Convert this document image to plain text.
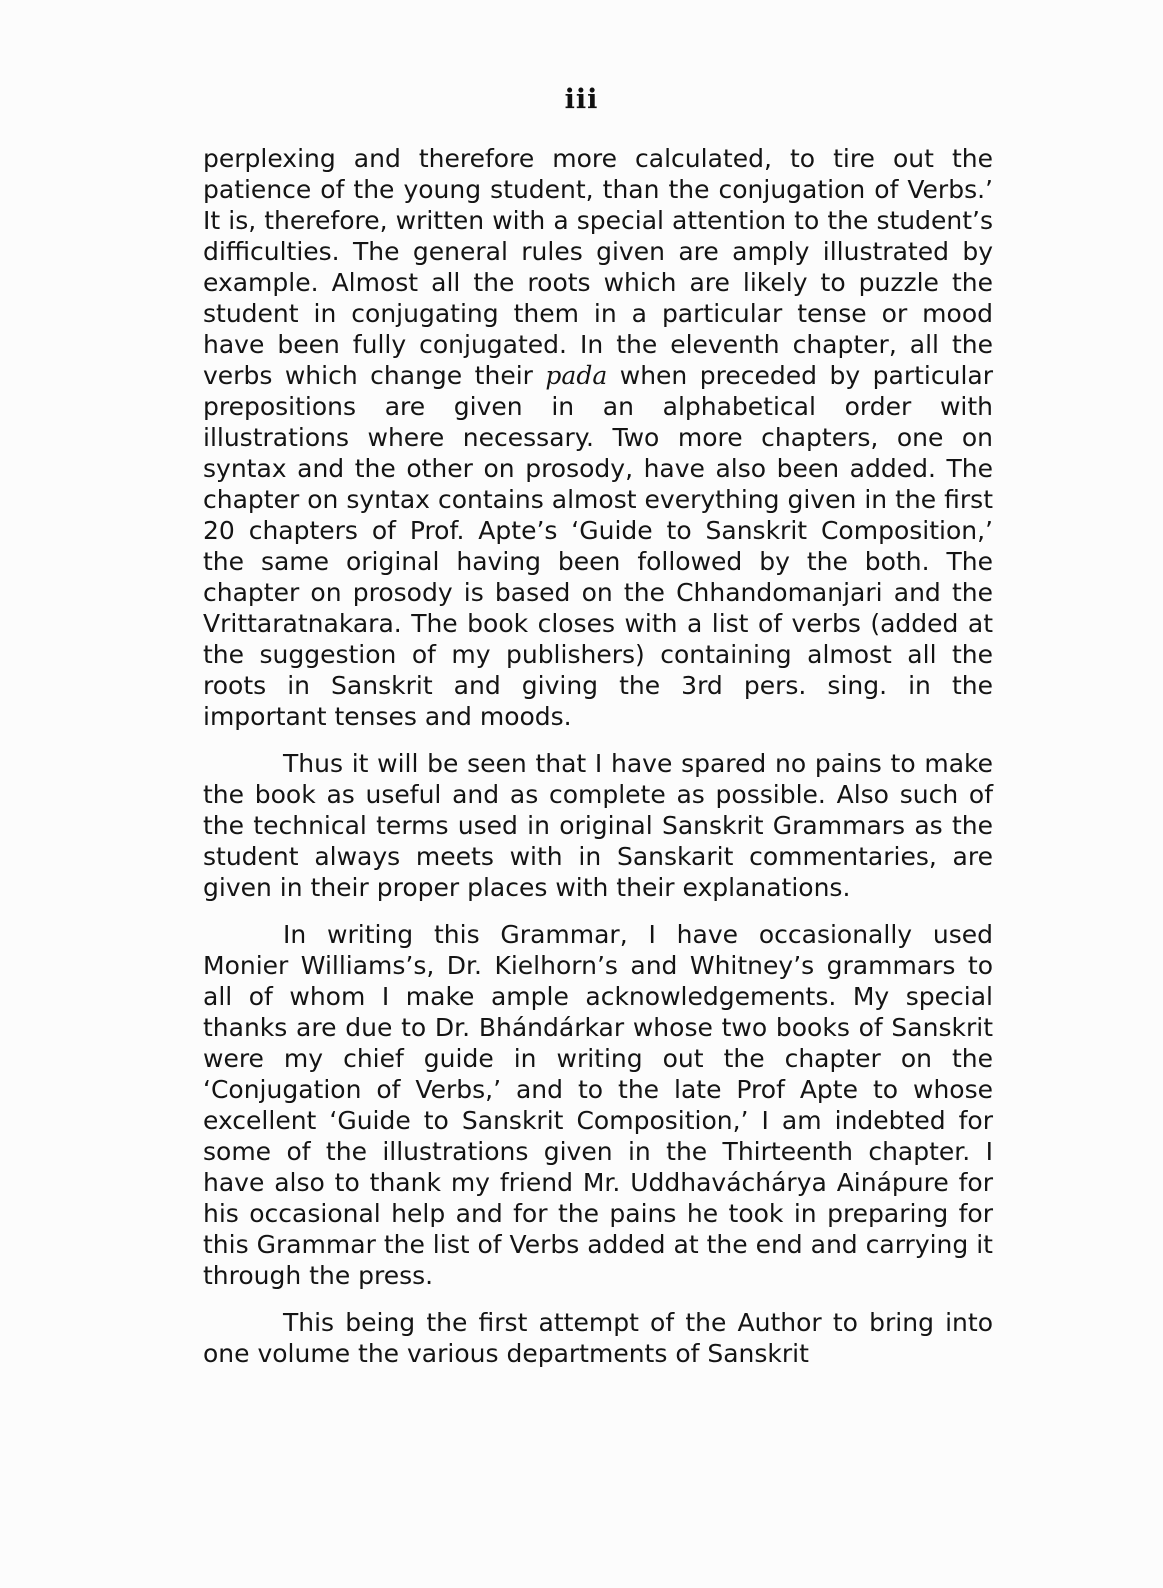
iii

perplexing and therefore more calculated, to tire out the patience of the young student, than the conjugation of Verbs.’ It is, therefore, written with a special attention to the student’s difficulties. The general rules given are amply illustrated by example. Almost all the roots which are likely to puzzle the student in conjugating them in a particular tense or mood have been fully conjugated. In the eleventh chapter, all the verbs which change their pada when preceded by particular prepositions are given in an alphabetical order with illustrations where necessary. Two more chapters, one on syntax and the other on prosody, have also been added. The chapter on syntax contains almost everything given in the first 20 chapters of Prof. Apte’s ‘Guide to Sanskrit Composition,’ the same original having been followed by the both. The chapter on prosody is based on the Chhandomanjari and the Vrittaratnakara. The book closes with a list of verbs (added at the suggestion of my publishers) containing almost all the roots in Sanskrit and giving the 3rd pers. sing. in the important tenses and moods.

Thus it will be seen that I have spared no pains to make the book as useful and as complete as possible. Also such of the technical terms used in original Sanskrit Grammars as the student always meets with in Sanskarit commentaries, are given in their proper places with their explanations.

In writing this Grammar, I have occasionally used Monier Williams’s, Dr. Kielhorn’s and Whitney’s grammars to all of whom I make ample acknowledgements. My special thanks are due to Dr. Bhándárkar whose two books of Sanskrit were my chief guide in writing out the chapter on the ‘Conjugation of Verbs,’ and to the late Prof Apte to whose excellent ‘Guide to Sanskrit Composition,’ I am indebted for some of the illustrations given in the Thirteenth chapter. I have also to thank my friend Mr. Uddhaváchárya Ainápure for his occasional help and for the pains he took in preparing for this Grammar the list of Verbs added at the end and carrying it through the press.

This being the first attempt of the Author to bring into one volume the various departments of Sanskrit
